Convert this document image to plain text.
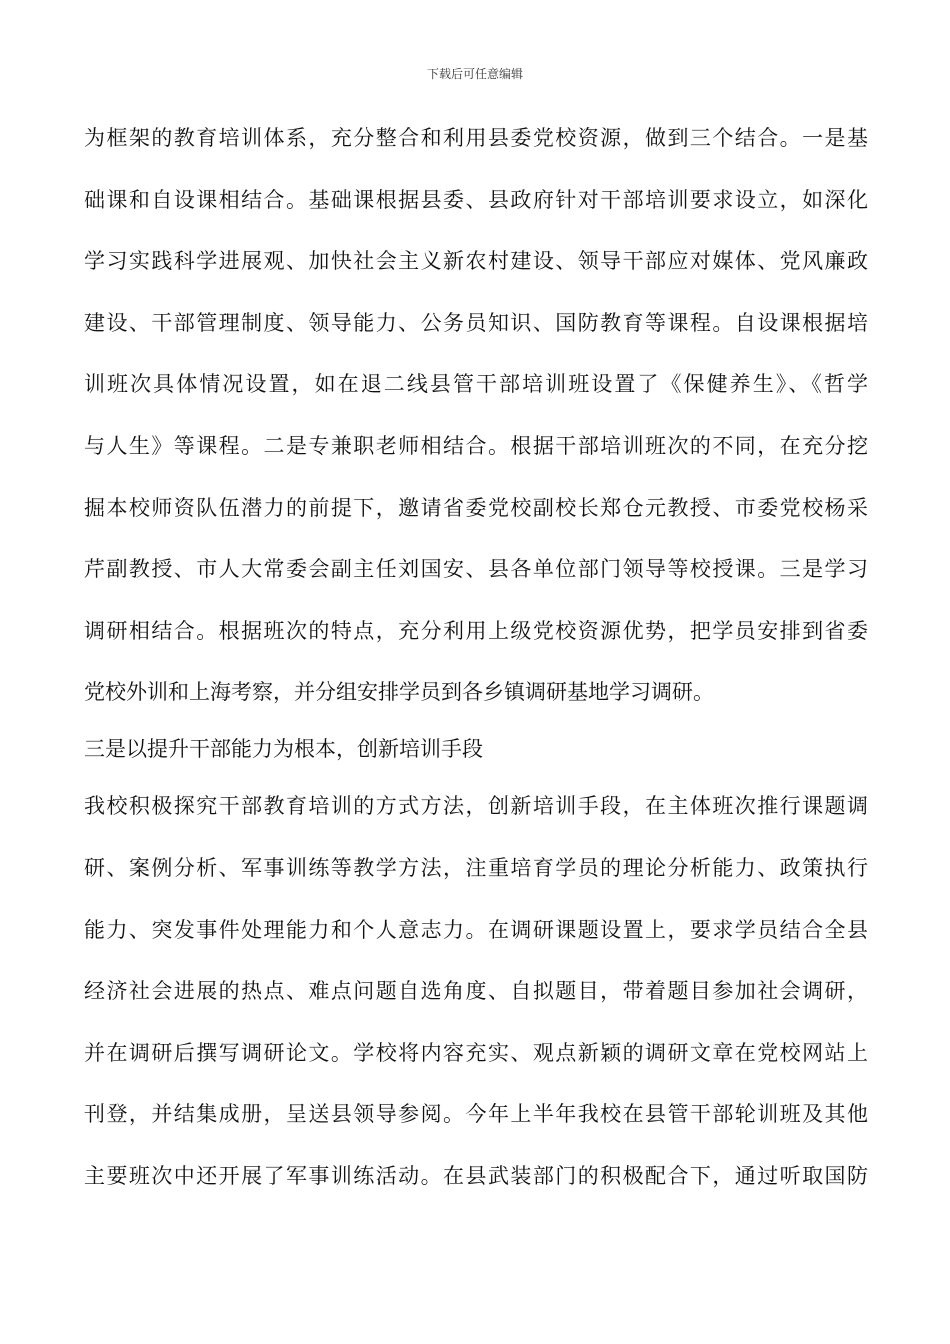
下载后可任意编辑
为框架的教育培训体系，充分整合和利用县委党校资源，做到三个结合。一是基
础课和自设课相结合。基础课根据县委、县政府针对干部培训要求设立，如深化
学习实践科学进展观、加快社会主义新农村建设、领导干部应对媒体、党风廉政
建设、干部管理制度、领导能力、公务员知识、国防教育等课程。自设课根据培
训班次具体情况设置，如在退二线县管干部培训班设置了《保健养生》、《哲学
与人生》等课程。二是专兼职老师相结合。根据干部培训班次的不同，在充分挖
掘本校师资队伍潜力的前提下，邀请省委党校副校长郑仓元教授、市委党校杨采
芹副教授、市人大常委会副主任刘国安、县各单位部门领导等校授课。三是学习
调研相结合。根据班次的特点，充分利用上级党校资源优势，把学员安排到省委
党校外训和上海考察，并分组安排学员到各乡镇调研基地学习调研。
三是以提升干部能力为根本，创新培训手段
我校积极探究干部教育培训的方式方法，创新培训手段，在主体班次推行课题调
研、案例分析、军事训练等教学方法，注重培育学员的理论分析能力、政策执行
能力、突发事件处理能力和个人意志力。在调研课题设置上，要求学员结合全县
经济社会进展的热点、难点问题自选角度、自拟题目，带着题目参加社会调研，
并在调研后撰写调研论文。学校将内容充实、观点新颖的调研文章在党校网站上
刊登，并结集成册，呈送县领导参阅。今年上半年我校在县管干部轮训班及其他
主要班次中还开展了军事训练活动。在县武装部门的积极配合下，通过听取国防
